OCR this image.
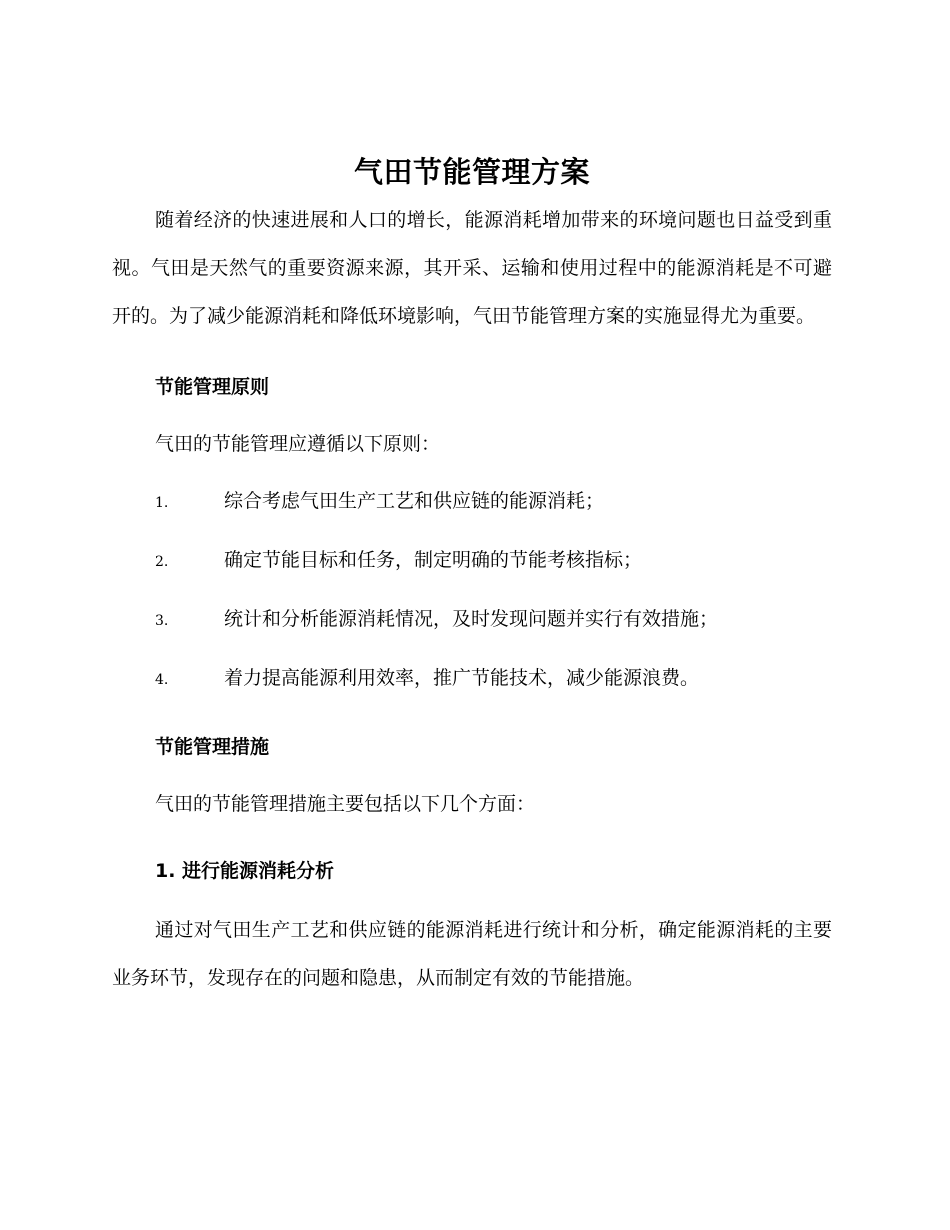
气田节能管理方案

随着经济的快速进展和人口的增长，能源消耗增加带来的环境问题也日益受到重视。气田是天然气的重要资源来源，其开采、运输和使用过程中的能源消耗是不可避开的。为了减少能源消耗和降低环境影响，气田节能管理方案的实施显得尤为重要。

节能管理原则

气田的节能管理应遵循以下原则：

1.	综合考虑气田生产工艺和供应链的能源消耗；
2.	确定节能目标和任务，制定明确的节能考核指标；
3.	统计和分析能源消耗情况，及时发现问题并实行有效措施；
4.	着力提高能源利用效率，推广节能技术，减少能源浪费。
节能管理措施

气田的节能管理措施主要包括以下几个方面：

1. 进行能源消耗分析

通过对气田生产工艺和供应链的能源消耗进行统计和分析，确定能源消耗的主要业务环节，发现存在的问题和隐患，从而制定有效的节能措施。
